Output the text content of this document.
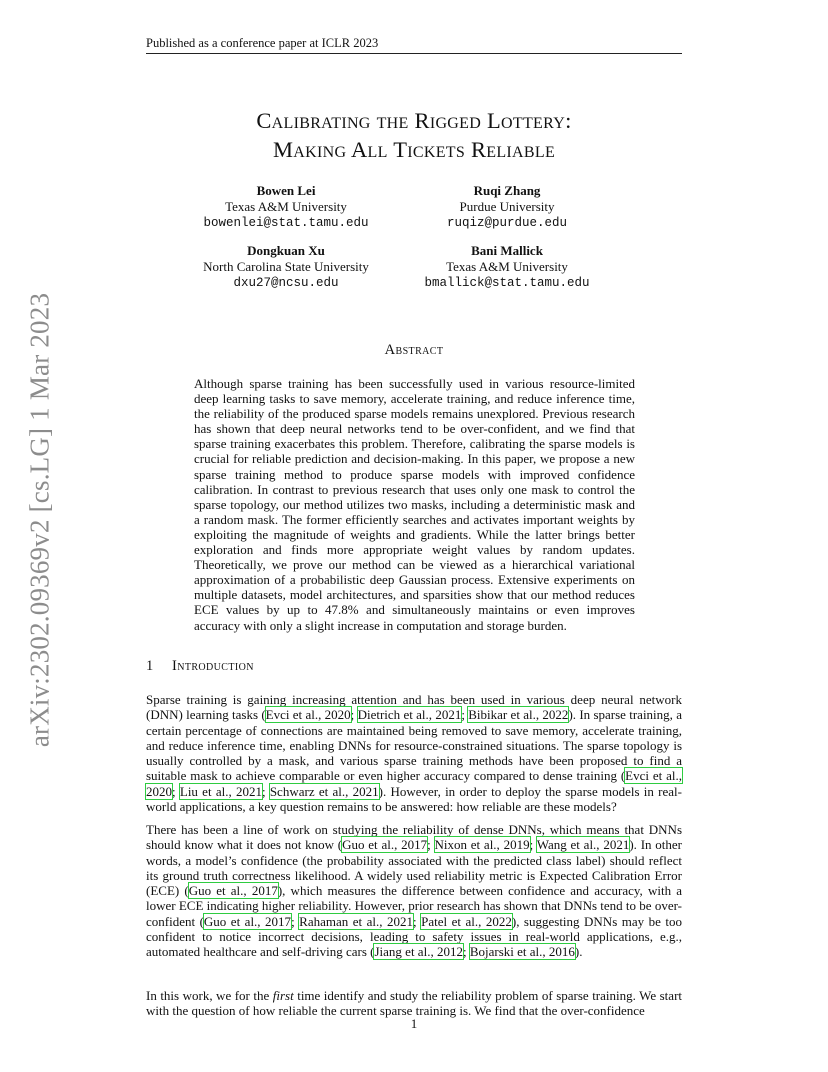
Published as a conference paper at ICLR 2023
arXiv:2302.09369v2 [cs.LG] 1 Mar 2023
Calibrating the Rigged Lottery:
Making All Tickets Reliable
Bowen Lei
Texas A&M University
bowenlei@stat.tamu.edu
Ruqi Zhang
Purdue University
ruqiz@purdue.edu
Dongkuan Xu
North Carolina State University
dxu27@ncsu.edu
Bani Mallick
Texas A&M University
bmallick@stat.tamu.edu
Abstract
Although sparse training has been successfully used in various resource-limited deep learning tasks to save memory, accelerate training, and reduce inference time, the reliability of the produced sparse models remains unexplored. Previous research has shown that deep neural networks tend to be over-confident, and we find that sparse training exacerbates this problem. Therefore, calibrating the sparse models is crucial for reliable prediction and decision-making. In this paper, we propose a new sparse training method to produce sparse models with improved confidence calibration. In contrast to previous research that uses only one mask to control the sparse topology, our method utilizes two masks, including a deterministic mask and a random mask. The former efficiently searches and activates important weights by exploiting the magnitude of weights and gradients. While the latter brings better exploration and finds more appropriate weight values by random updates. Theoretically, we prove our method can be viewed as a hierarchical variational approximation of a probabilistic deep Gaussian process. Extensive experiments on multiple datasets, model architectures, and sparsities show that our method reduces ECE values by up to 47.8% and simultaneously maintains or even improves accuracy with only a slight increase in computation and storage burden.
1 Introduction

Sparse training is gaining increasing attention and has been used in various deep neural network (DNN) learning tasks (Evci et al., 2020; Dietrich et al., 2021; Bibikar et al., 2022). In sparse training, a certain percentage of connections are maintained being removed to save memory, accelerate training, and reduce inference time, enabling DNNs for resource-constrained situations. The sparse topology is usually controlled by a mask, and various sparse training methods have been proposed to find a suitable mask to achieve comparable or even higher accuracy compared to dense training (Evci et al., 2020; Liu et al., 2021; Schwarz et al., 2021). However, in order to deploy the sparse models in real-world applications, a key question remains to be answered: how reliable are these models?

There has been a line of work on studying the reliability of dense DNNs, which means that DNNs should know what it does not know (Guo et al., 2017; Nixon et al., 2019; Wang et al., 2021). In other words, a model’s confidence (the probability associated with the predicted class label) should reflect its ground truth correctness likelihood. A widely used reliability metric is Expected Calibration Error (ECE) (Guo et al., 2017), which measures the difference between confidence and accuracy, with a lower ECE indicating higher reliability. However, prior research has shown that DNNs tend to be over-confident (Guo et al., 2017; Rahaman et al., 2021; Patel et al., 2022), suggesting DNNs may be too confident to notice incorrect decisions, leading to safety issues in real-world applications, e.g., automated healthcare and self-driving cars (Jiang et al., 2012; Bojarski et al., 2016).

In this work, we for the first time identify and study the reliability problem of sparse training. We start with the question of how reliable the current sparse training is. We find that the over-confidence

1
